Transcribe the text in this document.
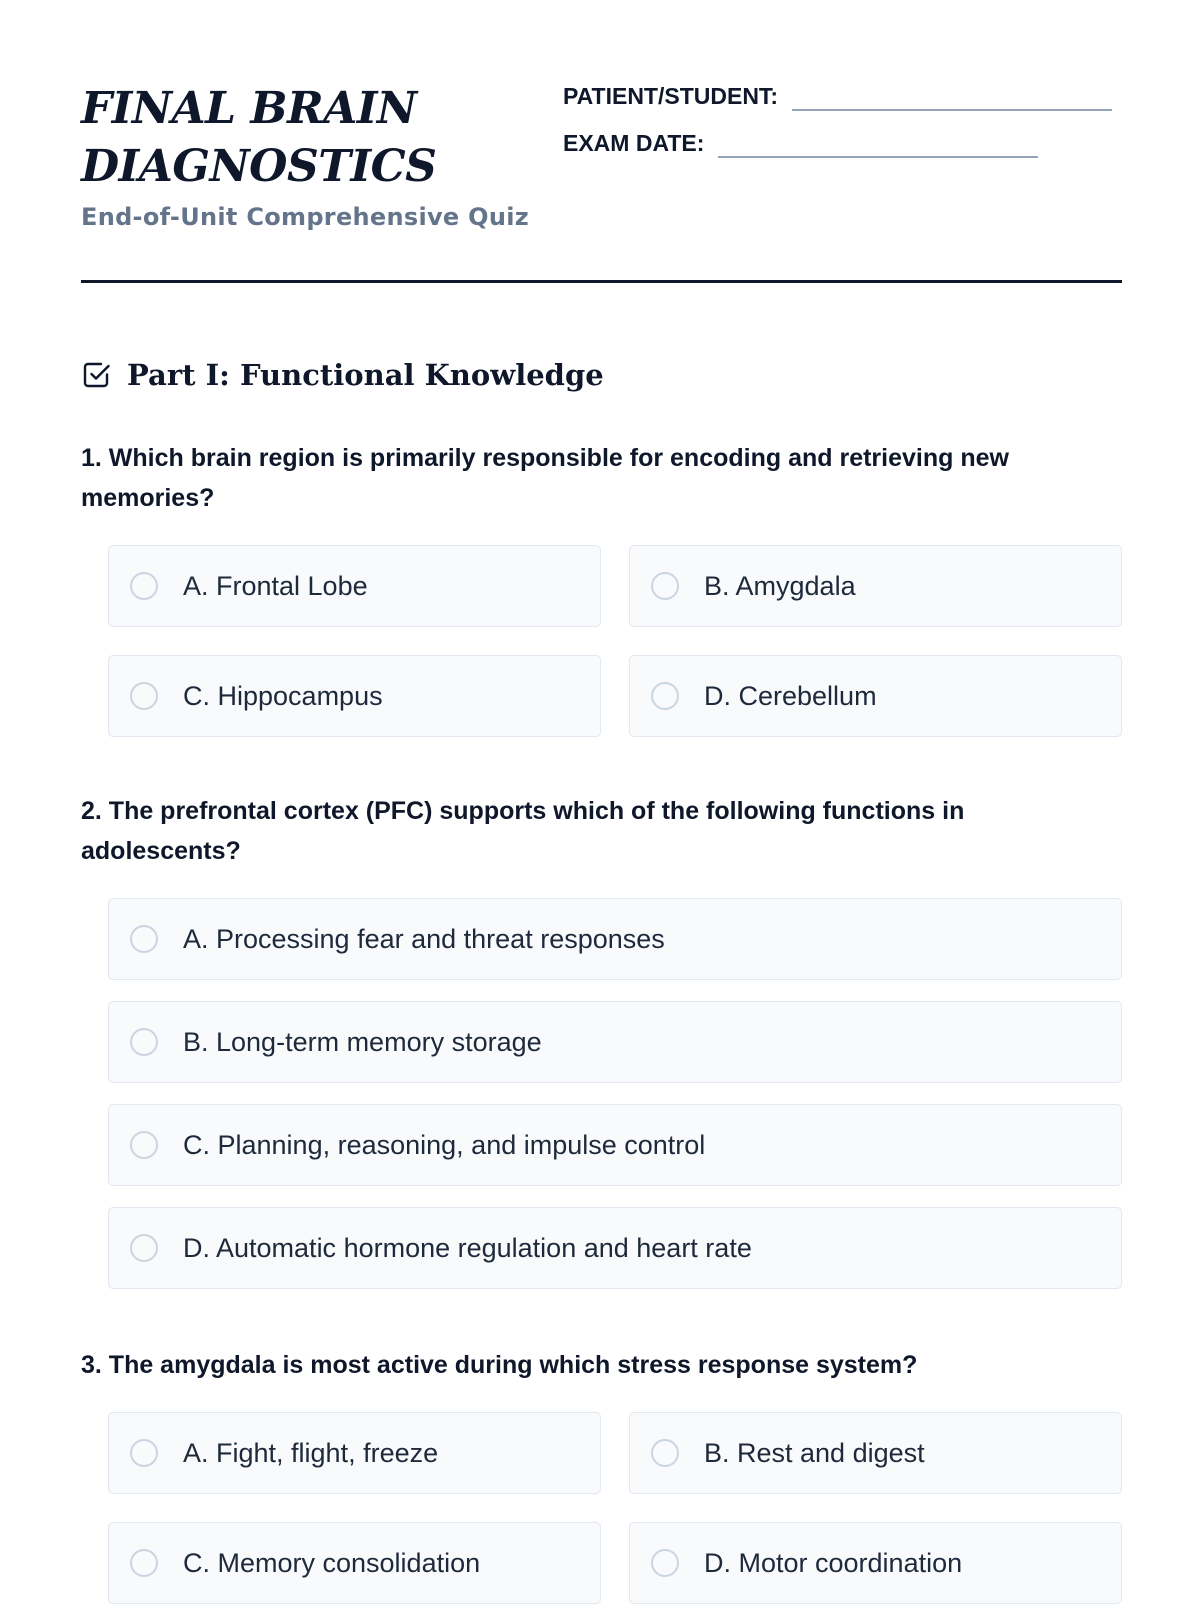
FINAL BRAIN
DIAGNOSTICS
End-of-Unit Comprehensive Quiz
PATIENT/STUDENT:
EXAM DATE:
Part I: Functional Knowledge

1. Which brain region is primarily responsible for encoding and retrieving new memories?

A. Frontal Lobe	B. Amygdala
C. Hippocampus	D. Cerebellum

2. The prefrontal cortex (PFC) supports which of the following functions in adolescents?

A. Processing fear and threat responses
B. Long-term memory storage
C. Planning, reasoning, and impulse control
D. Automatic hormone regulation and heart rate

3. The amygdala is most active during which stress response system?

A. Fight, flight, freeze	B. Rest and digest
C. Memory consolidation	D. Motor coordination
